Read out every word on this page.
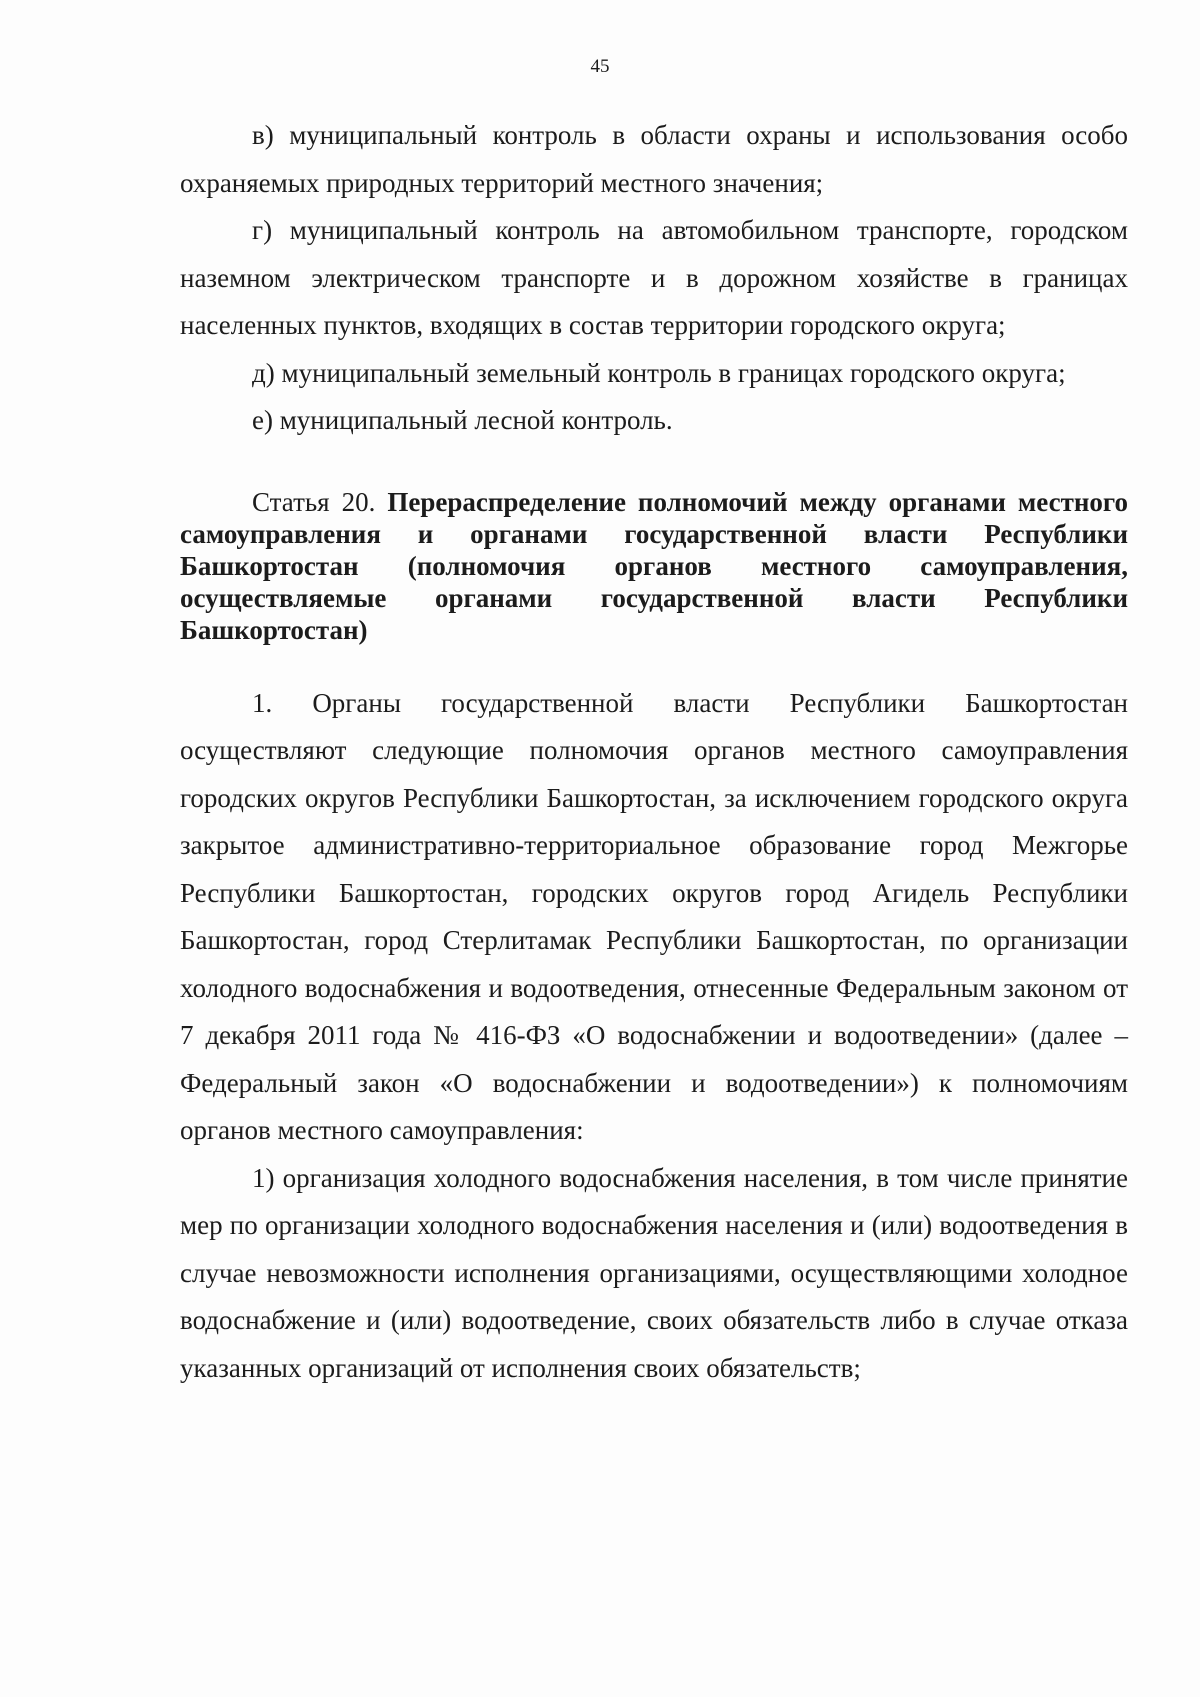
45

в) муниципальный контроль в области охраны и использования особо охраняемых природных территорий местного значения;

г) муниципальный контроль на автомобильном транспорте, городском наземном электрическом транспорте и в дорожном хозяйстве в границах населенных пунктов, входящих в состав территории городского округа;

д) муниципальный земельный контроль в границах городского округа;

е) муниципальный лесной контроль.

Статья 20. Перераспределение полномочий между органами местного самоуправления и органами государственной власти Республики Башкортостан (полномочия органов местного самоуправления, осуществляемые органами государственной власти Республики Башкортостан)

1. Органы государственной власти Республики Башкортостан осуществляют следующие полномочия органов местного самоуправления городских округов Республики Башкортостан, за исключением городского округа закрытое административно-территориальное образование город Межгорье Республики Башкортостан, городских округов город Агидель Республики Башкортостан, город Стерлитамак Республики Башкортостан, по организации холодного водоснабжения и водоотведения, отнесенные Федеральным законом от 7 декабря 2011 года № 416-ФЗ «О водоснабжении и водоотведении» (далее – Федеральный закон «О водоснабжении и водоотведении») к полномочиям органов местного самоуправления:

1) организация холодного водоснабжения населения, в том числе принятие мер по организации холодного водоснабжения населения и (или) водоотведения в случае невозможности исполнения организациями, осуществляющими холодное водоснабжение и (или) водоотведение, своих обязательств либо в случае отказа указанных организаций от исполнения своих обязательств;
